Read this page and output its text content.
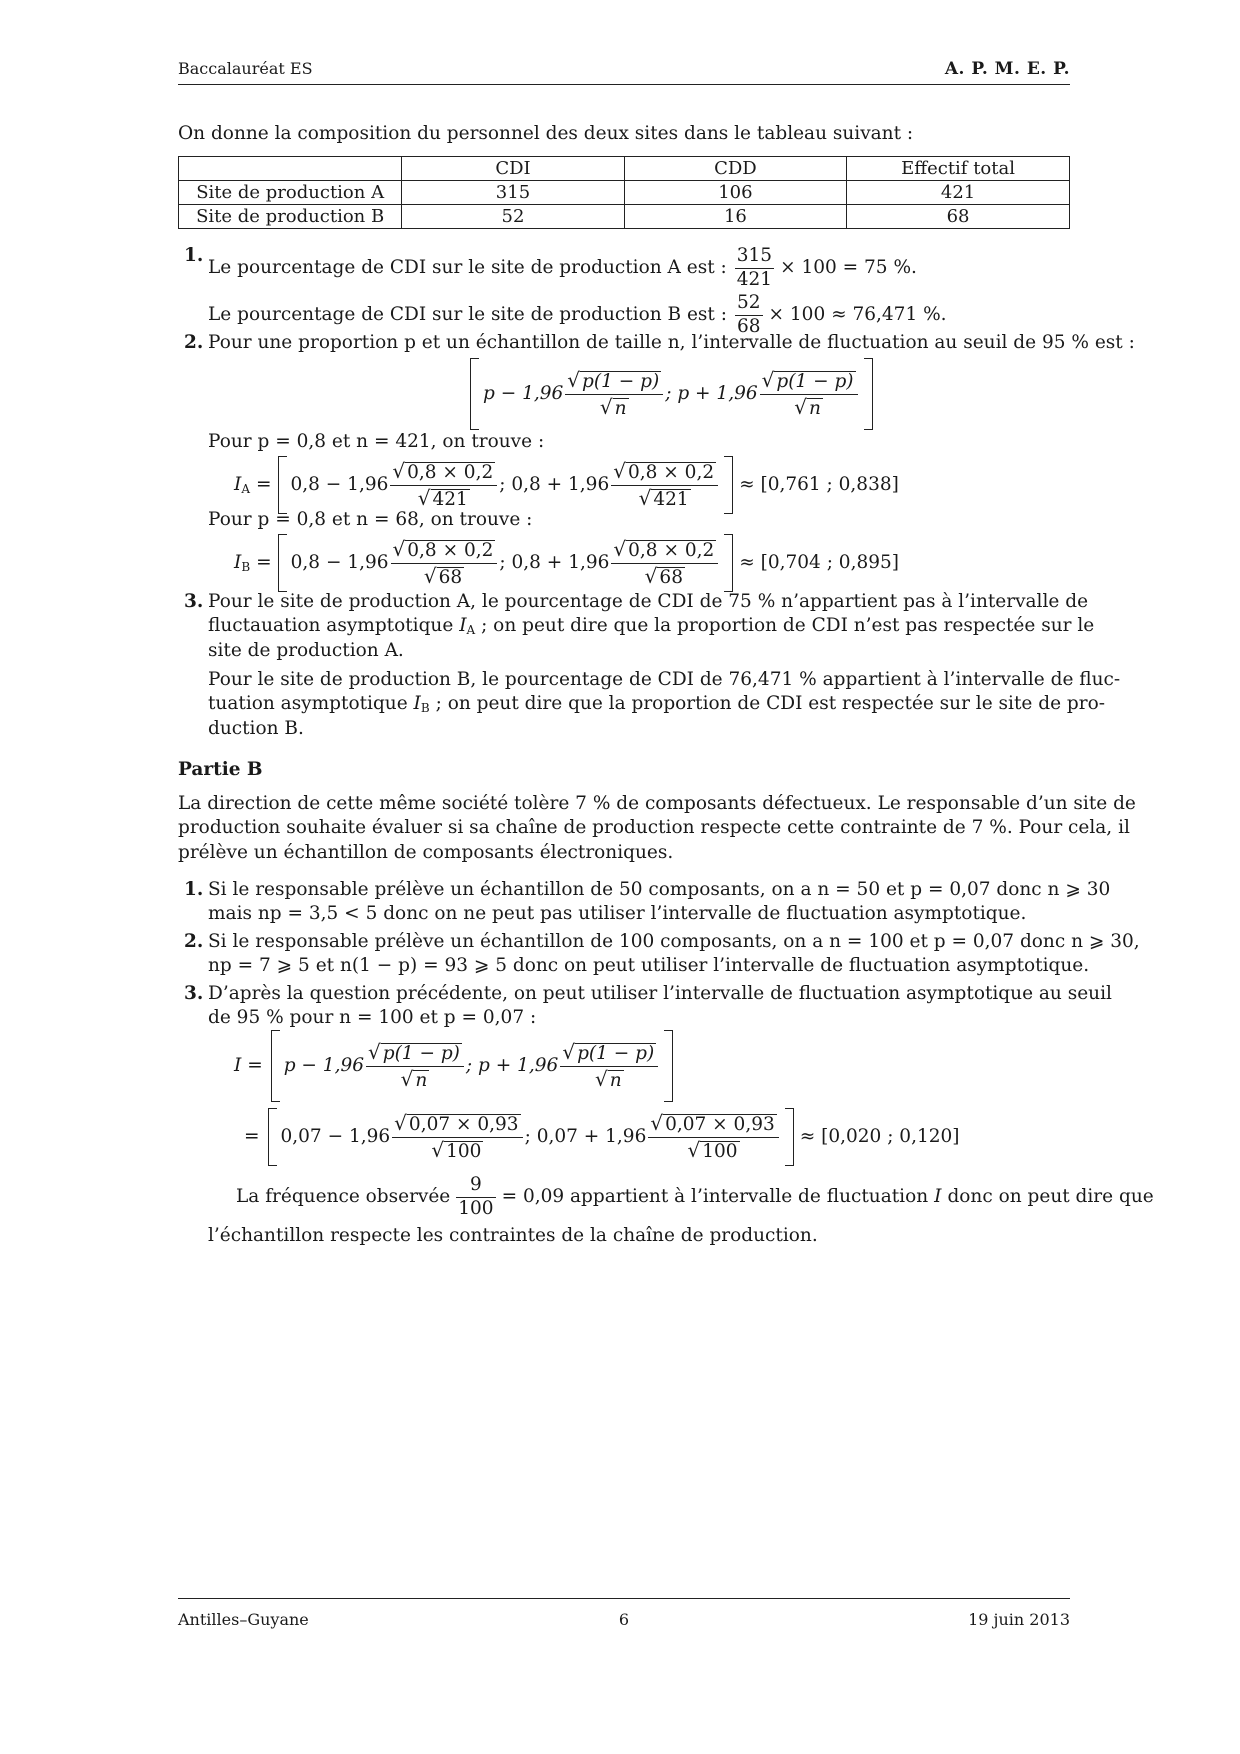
Baccalauréat ES	A. P. M. E. P.
On donne la composition du personnel des deux sites dans le tableau suivant :
	CDI	CDD	Effectif total
Site de production A	315	106	421
Site de production B	52	16	68
1.
Le pourcentage de CDI sur le site de production A est : $\frac{315}{421} \times 100 = 75$ %.
Le pourcentage de CDI sur le site de production B est : $\frac{52}{68} \times 100 \approx 76,471$ %.
2. Pour une proportion p et un échantillon de taille n, l’intervalle de fluctuation au seuil de 95 % est :
$p - 1,96 \frac{√ p(1 - p)}{√ n}$ ; $p + 1,96 \frac{√ p(1 - p)}{√ n}$
Pour p = 0,8 et n = 421, on trouve :
$I_A = 0,8 - 1,96 \frac{√ 0,8 \times 0,2}{√ 421}$ ; $0,8 + 1,96 \frac{√ 0,8 \times 0,2}{√ 421} \approx [0,761$ ; 0,838]
Pour p = 0,8 et n = 68, on trouve :
$I_B = 0,8 - 1,96 \frac{√ 0,8 \times 0,2}{√ 68}$ ; $0,8 + 1,96 \frac{√ 0,8 \times 0,2}{√ 68} \approx [0,704$ ; 0,895]
3. Pour le site de production A, le pourcentage de CDI de 75 % n’appartient pas à l’intervalle de
fluctauation asymptotique $I_A$ ; on peut dire que la proportion de CDI n’est pas respectée sur le
site de production A.
Pour le site de production B, le pourcentage de CDI de 76,471 % appartient à l’intervalle de fluc-
tuation asymptotique $I_B$ ; on peut dire que la proportion de CDI est respectée sur le site de pro-
duction B.
Partie B
La direction de cette même société tolère 7 % de composants défectueux. Le responsable d’un site de
production souhaite évaluer si sa chaîne de production respecte cette contrainte de 7 %. Pour cela, il
prélève un échantillon de composants électroniques.
1. Si le responsable prélève un échantillon de 50 composants, on a n = 50 et p = 0,07 donc n ⩾ 30
mais np = 3,5 < 5 donc on ne peut pas utiliser l’intervalle de fluctuation asymptotique.
2. Si le responsable prélève un échantillon de 100 composants, on a n = 100 et p = 0,07 donc n ⩾ 30,
np = 7 ⩾ 5 et n(1 − p) = 93 ⩾ 5 donc on peut utiliser l’intervalle de fluctuation asymptotique.
3. D’après la question précédente, on peut utiliser l’intervalle de fluctuation asymptotique au seuil
de 95 % pour n = 100 et p = 0,07 :
$I = p - 1,96 \frac{√ p(1 - p)}{√ n}$ ; $p + 1,96 \frac{√ p(1 - p)}{√ n}$
= $0,07 - 1,96 \frac{√ 0,07 \times 0,93}{√ 100}$ ; $0,07 + 1,96 \frac{√ 0,07 \times 0,93}{√ 100} \approx [0,020$ ; 0,120]
La fréquence observée $\frac{9}{100} = 0,09$ appartient à l’intervalle de fluctuation I donc on peut dire que
l’échantillon respecte les contraintes de la chaîne de production.
Antilles–Guyane	6	19 juin 2013
